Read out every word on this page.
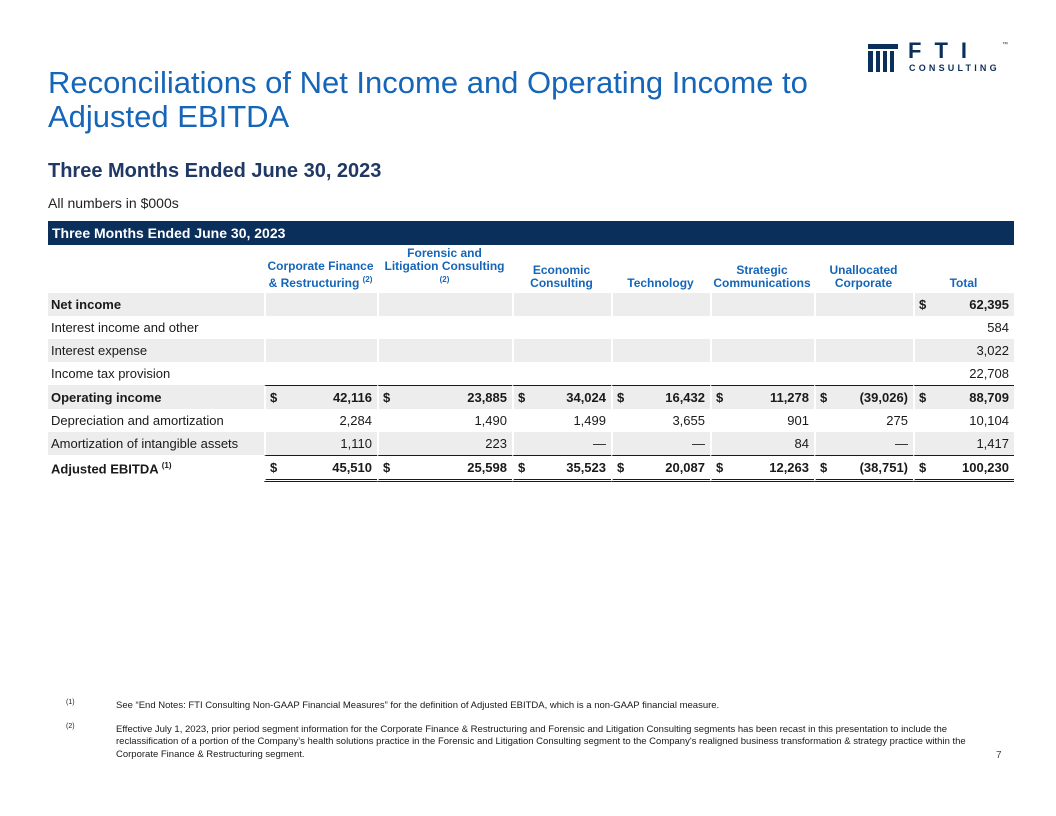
FTI	™
CONSULTING
Reconciliations of Net Income and Operating Income to Adjusted EBITDA
Three Months Ended June 30, 2023
All numbers in $000s
Three Months Ended June 30, 2023							
	Corporate Finance & Restructuring $^{(2)}$	Forensic and Litigation Consulting $^{(2)}$	Economic Consulting	Technology	Strategic Communications	Unallocated Corporate	Total
Net income							$ 62,395
Interest income and other							584
Interest expense							3,022
Income tax provision							22,708
Operating income	$ 42,116	$ 23,885	$ 34,024	$ 16,432	$ 11,278	$ (39,026)	$ 88,709
Depreciation and amortization	2,284	1,490	1,499	3,655	901	275	10,104
Amortization of intangible assets	1,110	223	—	—	84	—	1,417
Adjusted EBITDA $^{(1)}$	$ 45,510	$ 25,598	$ 35,523	$ 20,087	$ 12,263	$ (38,751)	$ 100,230
(1)	See “End Notes: FTI Consulting Non-GAAP Financial Measures” for the definition of Adjusted EBITDA, which is a non-GAAP financial measure.
(2)	Effective July 1, 2023, prior period segment information for the Corporate Finance & Restructuring and Forensic and Litigation Consulting segments has been recast in this presentation to include the reclassification of a portion of the Company’s health solutions practice in the Forensic and Litigation Consulting segment to the Company's realigned business transformation & strategy practice within the Corporate Finance & Restructuring segment.	7
